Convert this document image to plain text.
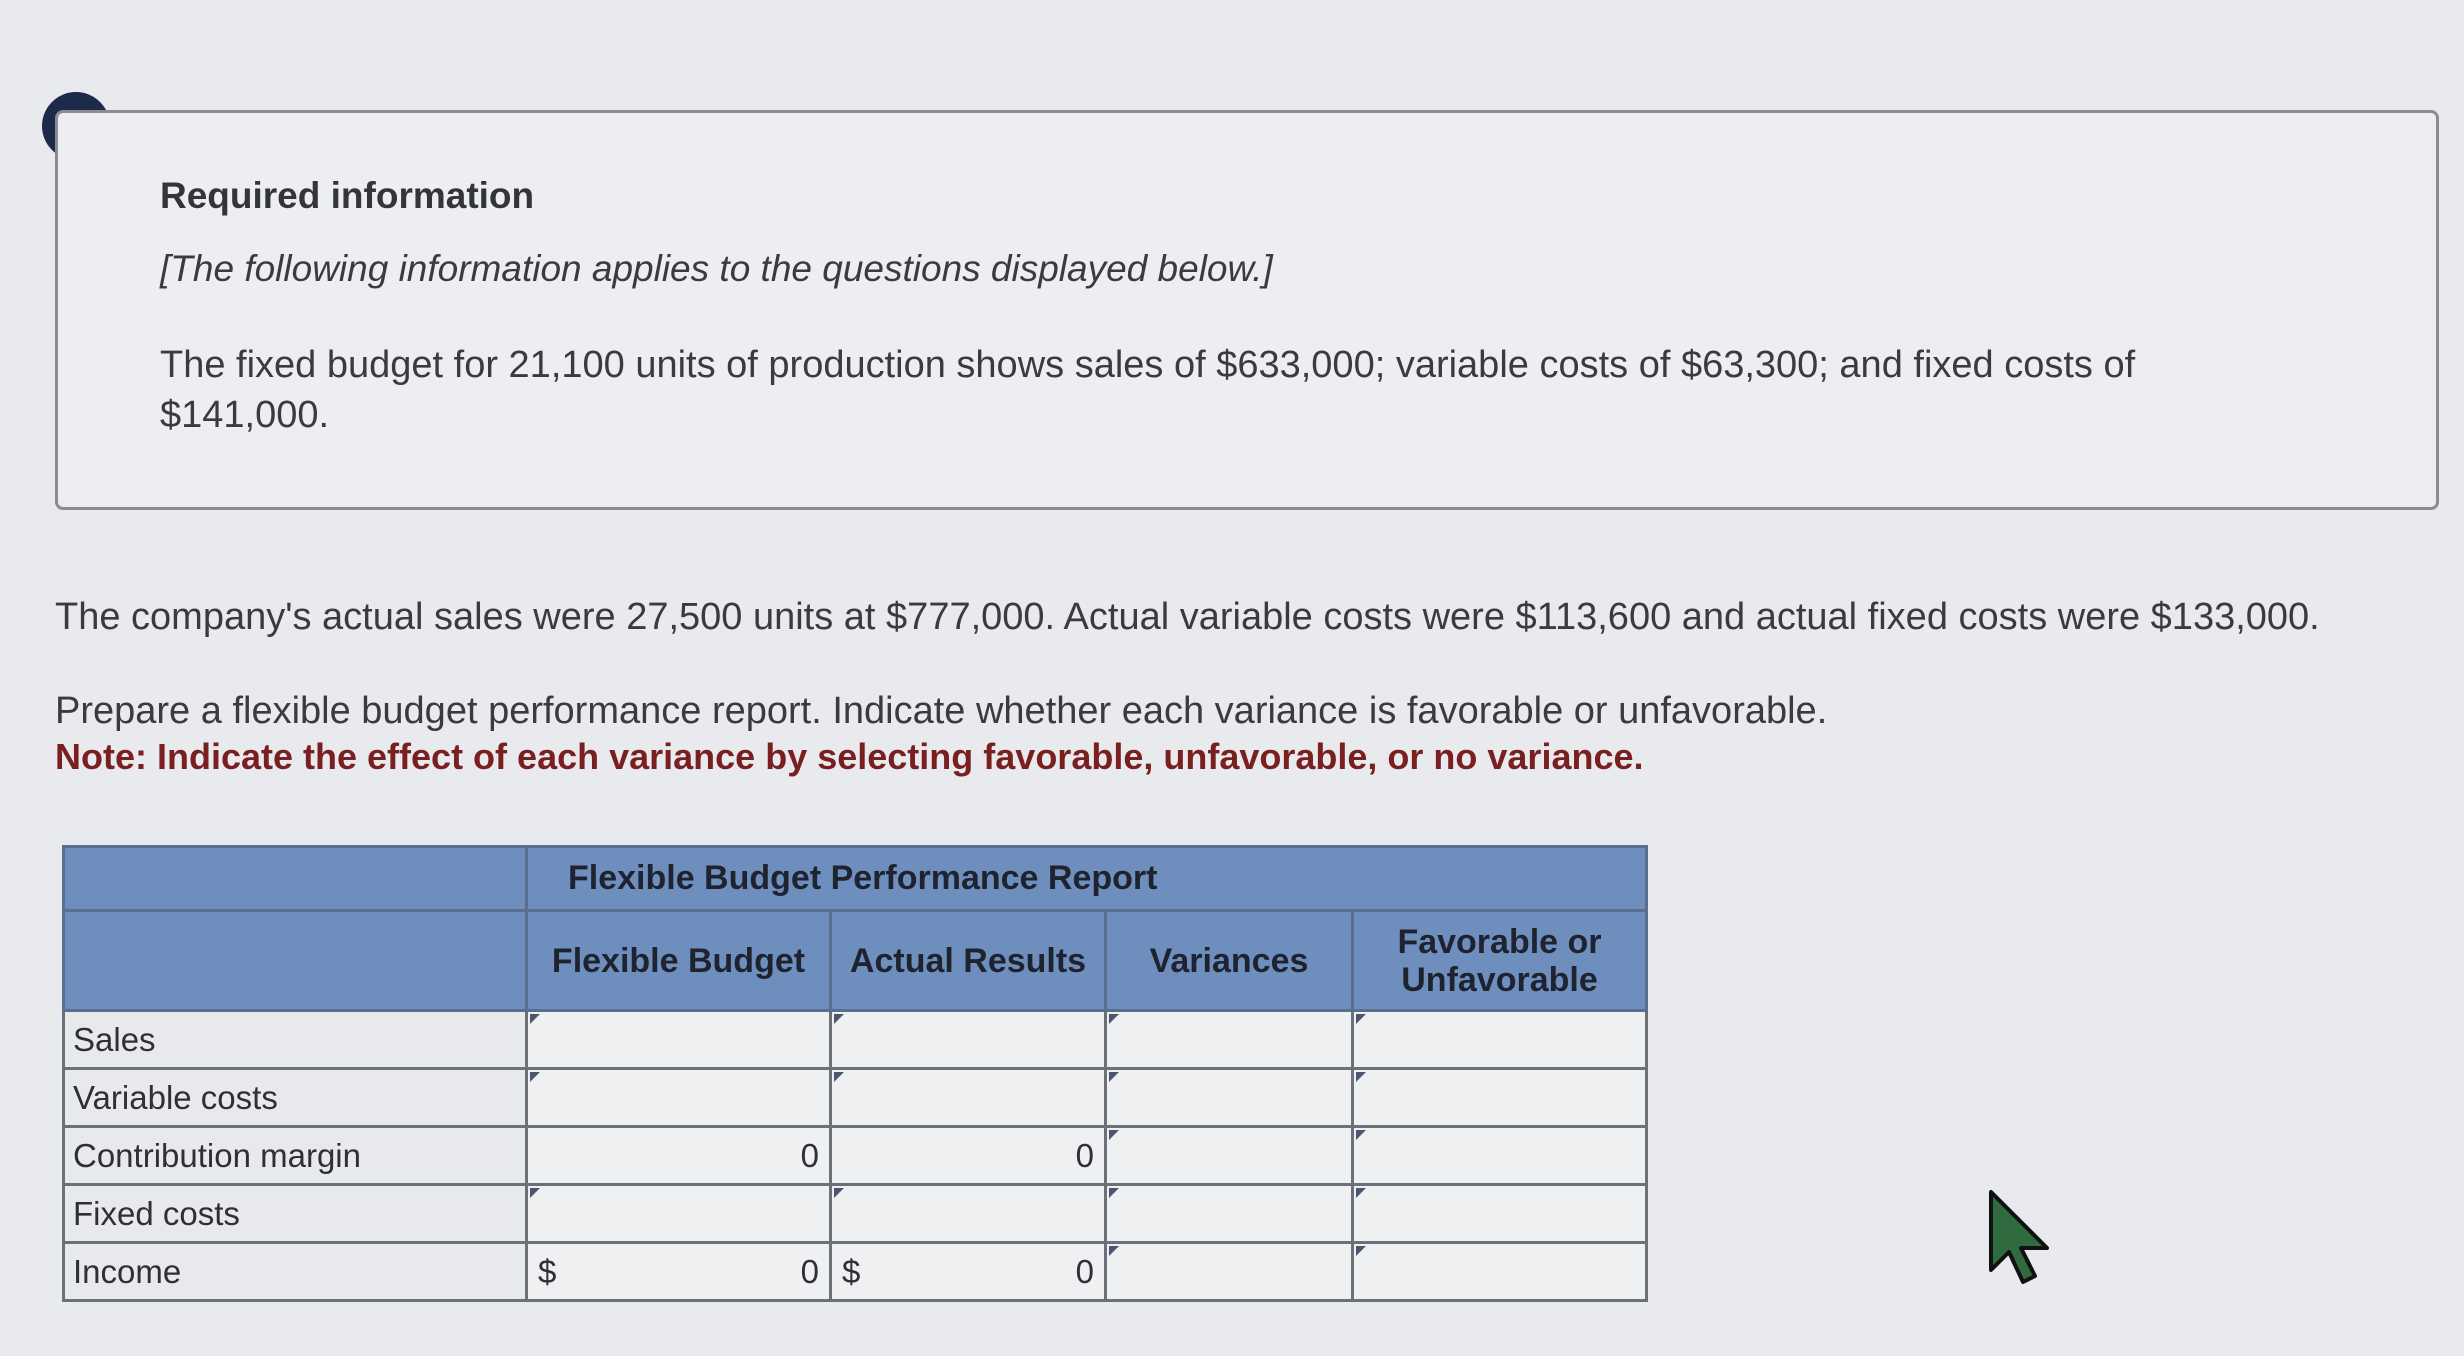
Required information
[The following information applies to the questions displayed below.]
The fixed budget for 21,100 units of production shows sales of $633,000; variable costs of $63,300; and fixed costs of $141,000.
The company's actual sales were 27,500 units at $777,000. Actual variable costs were $113,600 and actual fixed costs were $133,000.
Prepare a flexible budget performance report. Indicate whether each variance is favorable or unfavorable.
Note: Indicate the effect of each variance by selecting favorable, unfavorable, or no variance.
	Flexible Budget Performance Report			
	Flexible Budget	Actual Results	Variances	Favorable or
Unfavorable

Sales				
Variable costs				
Contribution margin	0	0		
Fixed costs				
Income	$ 0	$ 0		
